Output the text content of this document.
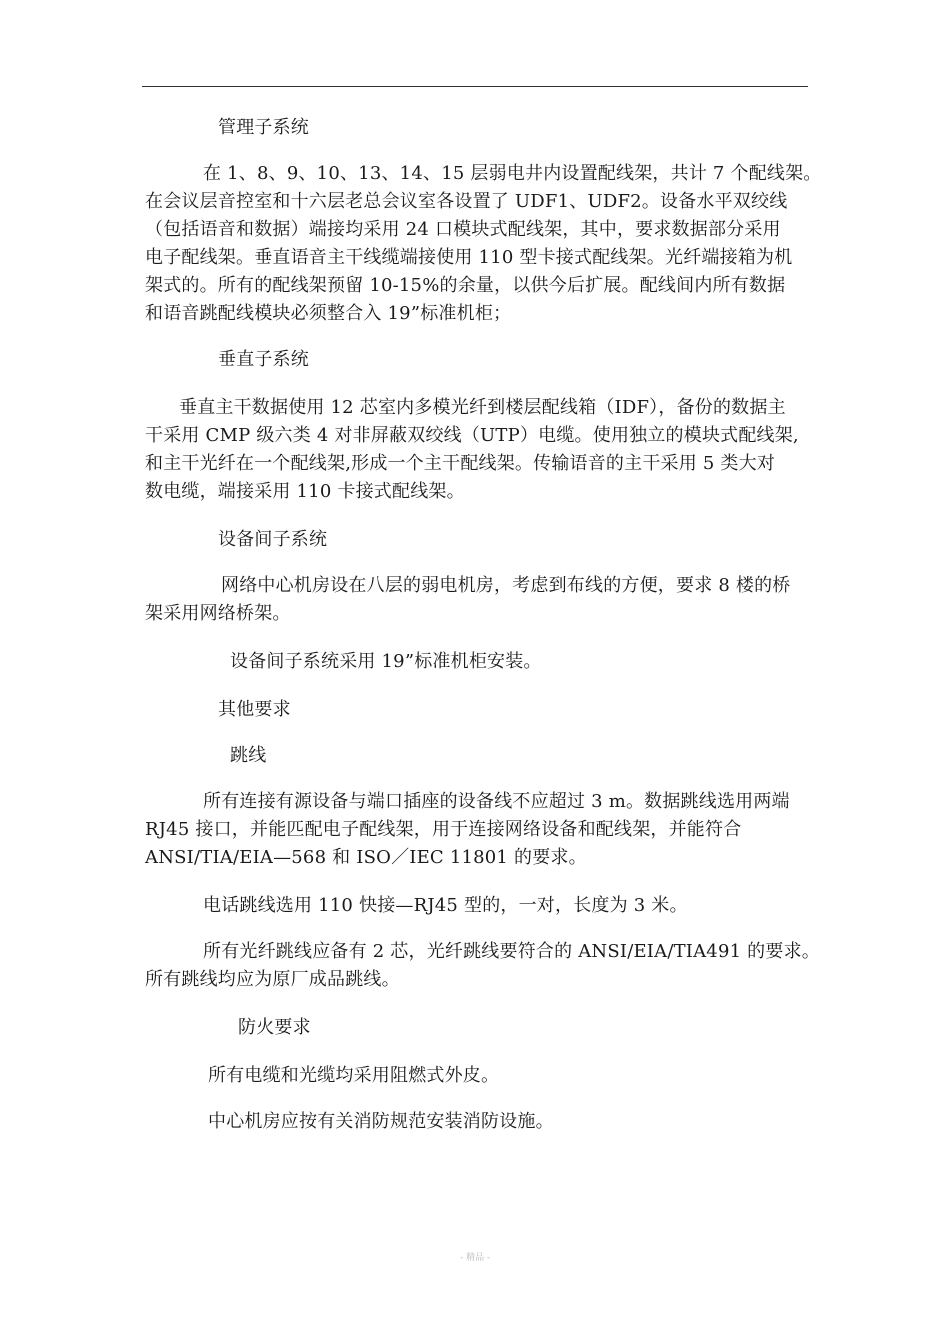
管理子系统
在 1、8、9、10、13、14、15 层弱电井内设置配线架，共计 7 个配线架。
在会议层音控室和十六层老总会议室各设置了 UDF1、UDF2。设备水平双绞线
（包括语音和数据）端接均采用 24 口模块式配线架，其中，要求数据部分采用
电子配线架。垂直语音主干线缆端接使用 110 型卡接式配线架。光纤端接箱为机
架式的。所有的配线架预留 10-15%的余量，以供今后扩展。配线间内所有数据
和语音跳配线模块必须整合入 19”标准机柜；
垂直子系统
垂直主干数据使用 12 芯室内多模光纤到楼层配线箱（IDF），备份的数据主
干采用 CMP 级六类 4 对非屏蔽双绞线（UTP）电缆。使用独立的模块式配线架,
和主干光纤在一个配线架,形成一个主干配线架。传输语音的主干采用 5 类大对
数电缆，端接采用 110 卡接式配线架。
设备间子系统
网络中心机房设在八层的弱电机房，考虑到布线的方便，要求 8 楼的桥
架采用网络桥架。
设备间子系统采用 19”标准机柜安装。
其他要求
跳线
所有连接有源设备与端口插座的设备线不应超过 3 m。数据跳线选用两端
RJ45 接口，并能匹配电子配线架，用于连接网络设备和配线架，并能符合
ANSI/TIA/EIA—568 和 ISO／IEC 11801 的要求。
电话跳线选用 110 快接—RJ45 型的，一对，长度为 3 米。
所有光纤跳线应备有 2 芯，光纤跳线要符合的 ANSI/EIA/TIA491 的要求。
所有跳线均应为原厂成品跳线。
防火要求
所有电缆和光缆均采用阻燃式外皮。
中心机房应按有关消防规范安装消防设施。
- 精品 -
